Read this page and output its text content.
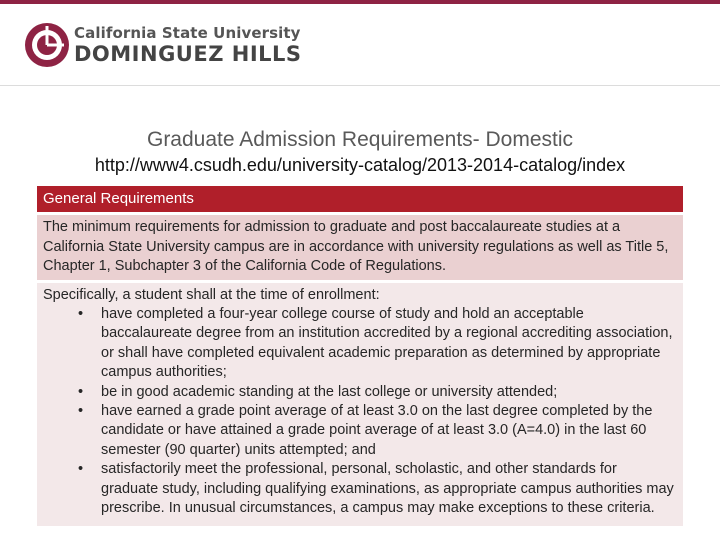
California State University
DOMINGUEZ HILLS
Graduate Admission Requirements- Domestic
http://www4.csudh.edu/university-catalog/2013-2014-catalog/index
General Requirements
The minimum requirements for admission to graduate and post baccalaureate studies at a California State University campus are in accordance with university regulations as well as Title 5, Chapter 1, Subchapter 3 of the California Code of Regulations.
Specifically, a student shall at the time of enrollment:
• have completed a four-year college course of study and hold an acceptable baccalaureate degree from an institution accredited by a regional accrediting association, or shall have completed equivalent academic preparation as determined by appropriate campus authorities;
• be in good academic standing at the last college or university attended;
• have earned a grade point average of at least 3.0 on the last degree completed by the candidate or have attained a grade point average of at least 3.0 (A=4.0) in the last 60 semester (90 quarter) units attempted; and
• satisfactorily meet the professional, personal, scholastic, and other standards for graduate study, including qualifying examinations, as appropriate campus authorities may prescribe. In unusual circumstances, a campus may make exceptions to these criteria.
